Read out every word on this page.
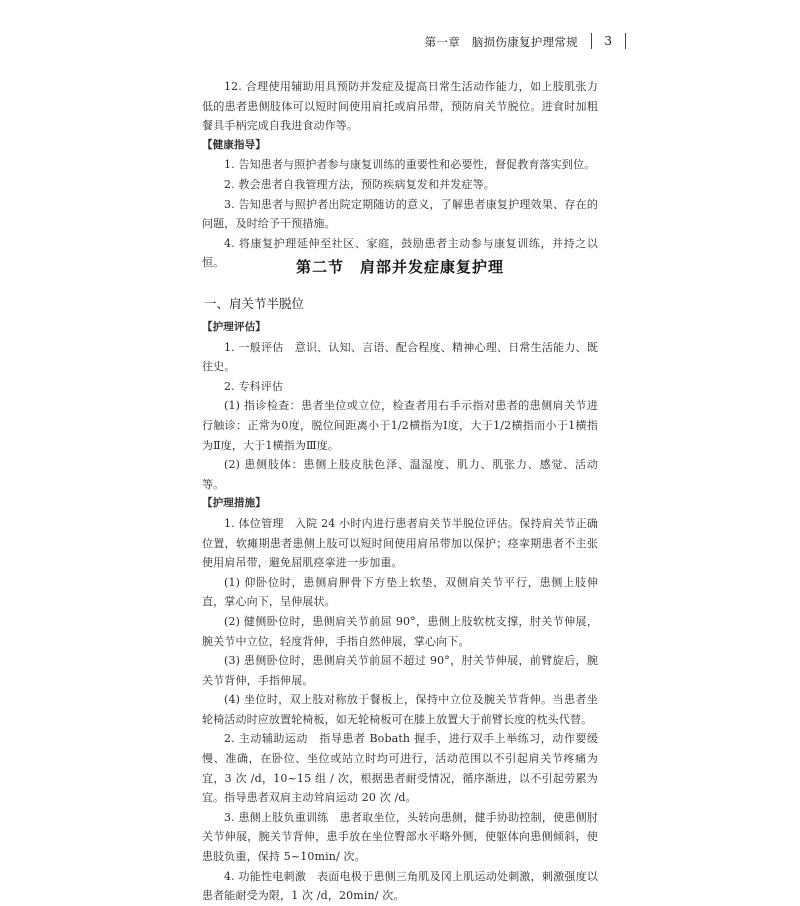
第一章　脑损伤康复护理常规 3

12. 合理使用辅助用具预防并发症及提高日常生活动作能力，如上肢肌张力低的患者患侧肢体可以短时间使用肩托或肩吊带，预防肩关节脱位。进食时加粗餐具手柄完成自我进食动作等。

【健康指导】

1. 告知患者与照护者参与康复训练的重要性和必要性，督促教育落实到位。

2. 教会患者自我管理方法，预防疾病复发和并发症等。

3. 告知患者与照护者出院定期随访的意义，了解患者康复护理效果、存在的问题，及时给予干预措施。

4. 将康复护理延伸至社区、家庭，鼓励患者主动参与康复训练，并持之以恒。	第二节　肩部并发症康复护理
一、肩关节半脱位

【护理评估】

1. 一般评估　意识、认知、言语、配合程度、精神心理、日常生活能力、既往史。

2. 专科评估

(1) 指诊检查：患者坐位或立位，检查者用右手示指对患者的患侧肩关节进行触诊：正常为0度，脱位间距离小于1/2横指为Ⅰ度，大于1/2横指而小于1横指为Ⅱ度，大于1横指为Ⅲ度。

(2) 患侧肢体：患侧上肢皮肤色泽、温湿度、肌力、肌张力、感觉、活动等。

【护理措施】

1. 体位管理　入院 24 小时内进行患者肩关节半脱位评估。保持肩关节正确位置，软瘫期患者患侧上肢可以短时间使用肩吊带加以保护；痉挛期患者不主张使用肩吊带，避免屈肌痉挛进一步加重。

(1) 仰卧位时，患侧肩胛骨下方垫上软垫，双侧肩关节平行，患侧上肢伸直，掌心向下，呈伸展状。

(2) 健侧卧位时，患侧肩关节前屈 90°，患侧上肢软枕支撑，肘关节伸展，腕关节中立位，轻度背伸，手指自然伸展，掌心向下。

(3) 患侧卧位时，患侧肩关节前屈不超过 90°，肘关节伸展，前臂旋后，腕关节背伸，手指伸展。

(4) 坐位时，双上肢对称放于餐板上，保持中立位及腕关节背伸。当患者坐轮椅活动时应放置轮椅板，如无轮椅板可在膝上放置大于前臂长度的枕头代替。

2. 主动辅助运动　指导患者 Bobath 握手，进行双手上举练习，动作要缓慢、准确，在卧位、坐位或站立时均可进行，活动范围以不引起肩关节疼痛为宜，3 次 /d，10~15 组 / 次，根据患者耐受情况，循序渐进，以不引起劳累为宜。指导患者双肩主动耸肩运动 20 次 /d。

3. 患侧上肢负重训练　患者取坐位，头转向患侧，健手协助控制，使患侧肘关节伸展，腕关节背伸，患手放在坐位臀部水平略外侧，使躯体向患侧倾斜，使患肢负重，保持 5~10min/ 次。

4. 功能性电刺激　表面电极于患侧三角肌及冈上肌运动处刺激，刺激强度以患者能耐受为限，1 次 /d，20min/ 次。
